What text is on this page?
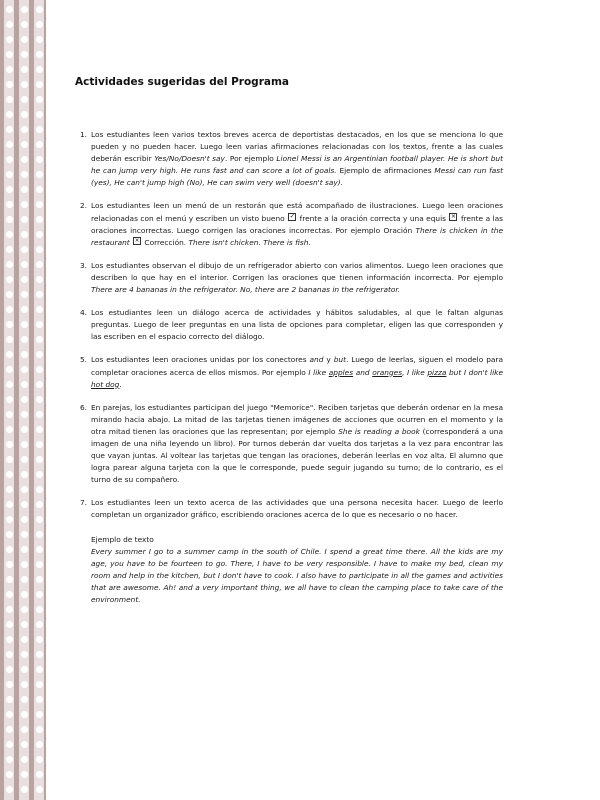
Actividades sugeridas del Programa
1. Los estudiantes leen varios textos breves acerca de deportistas destacados, en los que se menciona lo que pueden y no pueden hacer. Luego leen varias afirmaciones relacionadas con los textos, frente a las cuales deberán escribir Yes/No/Doesn't say. Por ejemplo Lionel Messi is an Argentinian football player. He is short but he can jump very high. He runs fast and can score a lot of goals. Ejemplo de afirmaciones Messi can run fast (yes), He can't jump high (No), He can swim very well (doesn't say).
2. Los estudiantes leen un menú de un restorán que está acompañado de ilustraciones. Luego leen oraciones relacionadas con el menú y escriben un visto bueno ✓ frente a la oración correcta y una equis ✕ frente a las oraciones incorrectas. Luego corrigen las oraciones incorrectas. Por ejemplo Oración There is chicken in the restaurant ✕ Corrección. There isn't chicken. There is fish.
3. Los estudiantes observan el dibujo de un refrigerador abierto con varios alimentos. Luego leen oraciones que describen lo que hay en el interior. Corrigen las oraciones que tienen información incorrecta. Por ejemplo There are 4 bananas in the refrigerator. No, there are 2 bananas in the refrigerator.
4. Los estudiantes leen un diálogo acerca de actividades y hábitos saludables, al que le faltan algunas preguntas. Luego de leer preguntas en una lista de opciones para completar, eligen las que corresponden y las escriben en el espacio correcto del diálogo.
5. Los estudiantes leen oraciones unidas por los conectores and y but. Luego de leerlas, siguen el modelo para completar oraciones acerca de ellos mismos. Por ejemplo I like apples and oranges, I like pizza but I don't like hot dog.
6. En parejas, los estudiantes participan del juego "Memorice". Reciben tarjetas que deberán ordenar en la mesa mirando hacia abajo. La mitad de las tarjetas tienen imágenes de acciones que ocurren en el momento y la otra mitad tienen las oraciones que las representan; por ejemplo She is reading a book (corresponderá a una imagen de una niña leyendo un libro). Por turnos deberán dar vuelta dos tarjetas a la vez para encontrar las que vayan juntas. Al voltear las tarjetas que tengan las oraciones, deberán leerlas en voz alta. El alumno que logra parear alguna tarjeta con la que le corresponde, puede seguir jugando su turno; de lo contrario, es el turno de su compañero.
7. Los estudiantes leen un texto acerca de las actividades que una persona necesita hacer. Luego de leerlo completan un organizador gráfico, escribiendo oraciones acerca de lo que es necesario o no hacer.
Ejemplo de texto
Every summer I go to a summer camp in the south of Chile. I spend a great time there. All the kids are my age, you have to be fourteen to go. There, I have to be very responsible. I have to make my bed, clean my room and help in the kitchen, but I don't have to cook. I also have to participate in all the games and activities that are awesome. Ah! and a very important thing, we all have to clean the camping place to take care of the environment.
